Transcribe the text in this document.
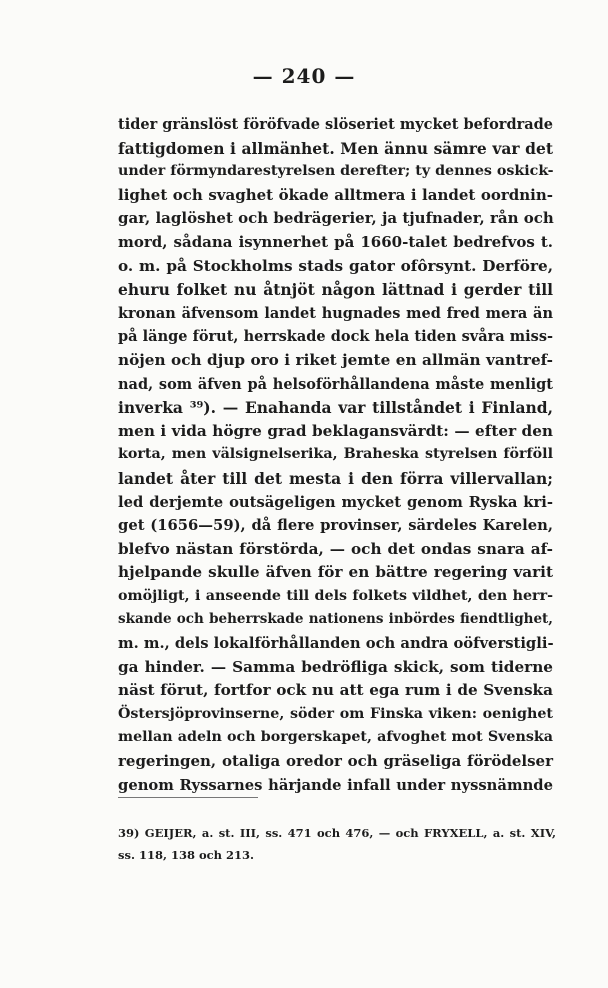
— 240 —
tider gränslöst föröfvade slöseriet mycket befordrade
fattigdomen i allmänhet. Men ännu sämre var det
under förmyndarestyrelsen derefter; ty dennes oskick-
lighet och svaghet ökade alltmera i landet oordnin-
gar, laglöshet och bedrägerier, ja tjufnader, rån och
mord, sådana isynnerhet på 1660-talet bedrefvos t.
o. m. på Stockholms stads gator ofôrsynt. Derföre,
ehuru folket nu åtnjöt någon lättnad i gerder till
kronan äfvensom landet hugnades med fred mera än
på länge förut, herrskade dock hela tiden svåra miss-
nöjen och djup oro i riket jemte en allmän vantref-
nad, som äfven på helsoförhållandena måste menligt
inverka ³⁹). — Enahanda var tillståndet i Finland,
men i vida högre grad beklagansvärdt: — efter den
korta, men välsignelserika, Braheska styrelsen förföll
landet åter till det mesta i den förra villervallan;
led derjemte outsägeligen mycket genom Ryska kri-
get (1656—59), då flere provinser, särdeles Karelen,
blefvo nästan förstörda, — och det ondas snara af-
hjelpande skulle äfven för en bättre regering varit
omöjligt, i anseende till dels folkets vildhet, den herr-
skande och beherrskade nationens inbördes fiendtlighet,
m. m., dels lokalförhållanden och andra oöfverstigli-
ga hinder. — Samma bedröfliga skick, som tiderne
näst förut, fortfor ock nu att ega rum i de Svenska
Östersjöprovinserne, söder om Finska viken: oenighet
mellan adeln och borgerskapet, afvoghet mot Svenska
regeringen, otaliga oredor och gräseliga förödelser
genom Ryssarnes härjande infall under nyssnämnde
39) GEIJER, a. st. III, ss. 471 och 476, — och FRYXELL, a. st. XIV,
ss. 118, 138 och 213.
